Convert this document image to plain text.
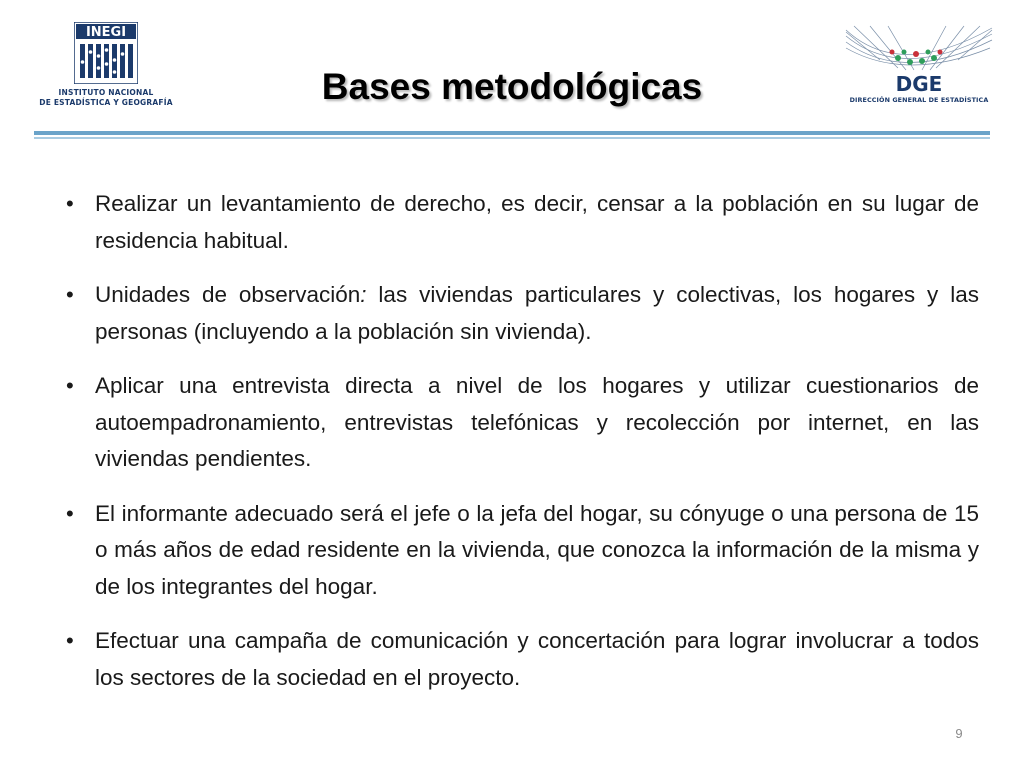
INEGI
INSTITUTO NACIONAL
DE ESTADÍSTICA Y GEOGRAFÍA	Bases metodológicas	DGE
DIRECCIÓN GENERAL DE ESTADÍSTICA
• Realizar un levantamiento de derecho, es decir, censar a la población en su lugar de residencia habitual.
• Unidades de observación: las viviendas particulares y colectivas, los hogares y las personas (incluyendo a la población sin vivienda).
• Aplicar una entrevista directa a nivel de los hogares y utilizar cuestionarios de autoempadronamiento, entrevistas telefónicas y recolección por internet, en las viviendas pendientes.
• El informante adecuado será el jefe o la jefa del hogar, su cónyuge o una persona de 15 o más años de edad residente en la vivienda, que conozca la información de la misma y de los integrantes del hogar.
• Efectuar una campaña de comunicación y concertación para lograr involucrar a todos los sectores de la sociedad en el proyecto.
9
